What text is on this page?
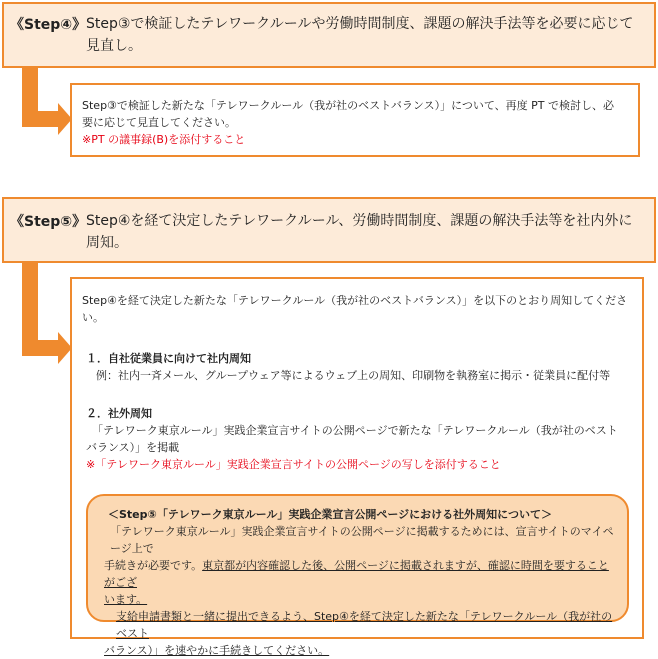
《Step④》 Step③で検証したテレワークルールや労働時間制度、課題の解決手法等を必要に応じて
見直し。
Step③で検証した新たな「テレワークルール（我が社のベストバランス）」について、再度 PT で検討し、必
要に応じて見直してください。
※PT の議事録(B)を添付すること
《Step⑤》 Step④を経て決定したテレワークルール、労働時間制度、課題の解決手法等を社内外に
周知。
Step④を経て決定した新たな「テレワークルール（我が社のベストバランス）」を以下のとおり周知してくださ
い。
１．自社従業員に向けて社内周知
例：社内一斉メール、グループウェア等によるウェブ上の周知、印刷物を執務室に掲示・従業員に配付等
２．社外周知
「テレワーク東京ルール」実践企業宣言サイトの公開ページで新たな「テレワークルール（我が社のベスト
バランス）」を掲載
※「テレワーク東京ルール」実践企業宣言サイトの公開ページの写しを添付すること
＜Step⑤「テレワーク東京ルール」実践企業宣言公開ページにおける社外周知について＞
「テレワーク東京ルール」実践企業宣言サイトの公開ページに掲載するためには、宣言サイトのマイページ上で
手続きが必要です。東京都が内容確認した後、公開ページに掲載されますが、確認に時間を要することがござ
います。
支給申請書類と一緒に提出できるよう、Step④を経て決定した新たな「テレワークルール（我が社のベスト
バランス）」を速やかに手続きしてください。
